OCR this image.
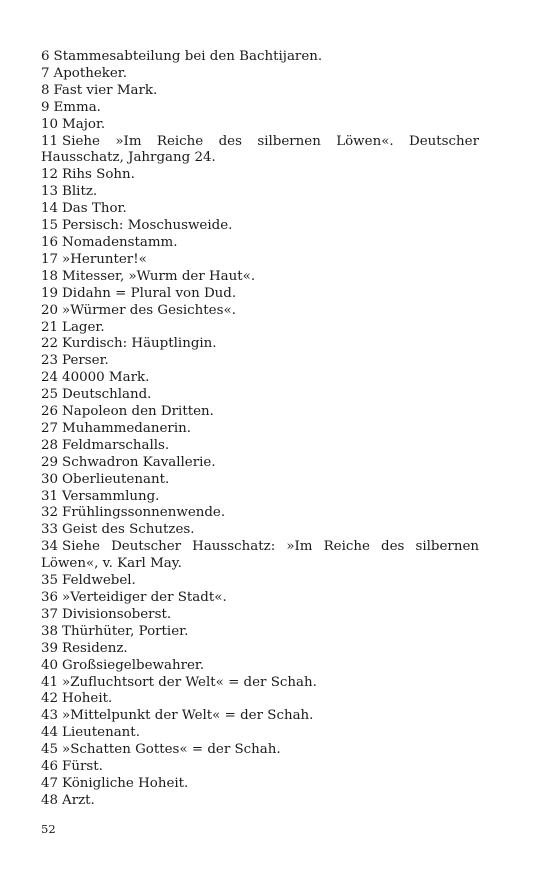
6 Stammesabteilung bei den Bachtijaren.
7 Apotheker.
8 Fast vier Mark.
9 Emma.
10 Major.
11 Siehe »Im Reiche des silbernen Löwen«. Deutscher Hausschatz, Jahrgang 24.
12 Rihs Sohn.
13 Blitz.
14 Das Thor.
15 Persisch: Moschusweide.
16 Nomadenstamm.
17 »Herunter!«
18 Mitesser, »Wurm der Haut«.
19 Didahn = Plural von Dud.
20 »Würmer des Gesichtes«.
21 Lager.
22 Kurdisch: Häuptlingin.
23 Perser.
24 40000 Mark.
25 Deutschland.
26 Napoleon den Dritten.
27 Muhammedanerin.
28 Feldmarschalls.
29 Schwadron Kavallerie.
30 Oberlieutenant.
31 Versammlung.
32 Frühlingssonnenwende.
33 Geist des Schutzes.
34 Siehe Deutscher Hausschatz: »Im Reiche des silbernen Löwen«, v. Karl May.
35 Feldwebel.
36 »Verteidiger der Stadt«.
37 Divisionsoberst.
38 Thürhüter, Portier.
39 Residenz.
40 Großsiegelbewahrer.
41 »Zufluchtsort der Welt« = der Schah.
42 Hoheit.
43 »Mittelpunkt der Welt« = der Schah.
44 Lieutenant.
45 »Schatten Gottes« = der Schah.
46 Fürst.
47 Königliche Hoheit.
48 Arzt.
52
